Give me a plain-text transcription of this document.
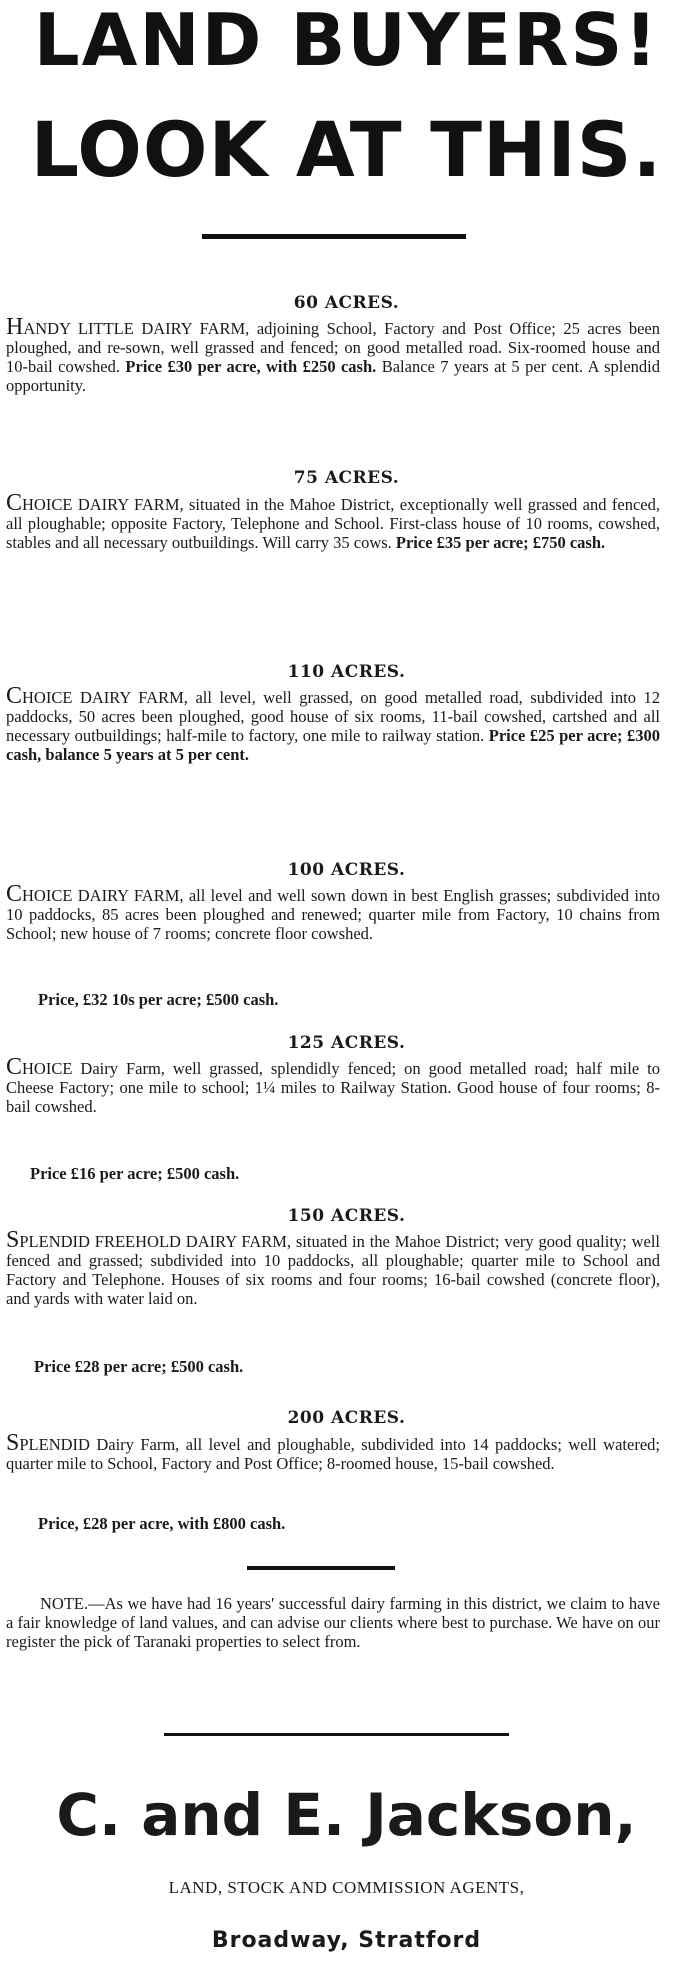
LAND BUYERS!
LOOK AT THIS.
60 ACRES.
HANDY LITTLE DAIRY FARM, adjoining School, Factory and Post Office; 25 acres been ploughed, and re-sown, well grassed and fenced; on good metalled road. Six-roomed house and 10-bail cowshed. Price £30 per acre, with £250 cash. Balance 7 years at 5 per cent. A splendid opportunity.
75 ACRES.
CHOICE DAIRY FARM, situated in the Mahoe District, exceptionally well grassed and fenced, all ploughable; opposite Factory, Telephone and School. First-class house of 10 rooms, cowshed, stables and all necessary outbuildings. Will carry 35 cows. Price £35 per acre; £750 cash.
110 ACRES.
CHOICE DAIRY FARM, all level, well grassed, on good metalled road, subdivided into 12 paddocks, 50 acres been ploughed, good house of six rooms, 11-bail cowshed, cartshed and all necessary outbuildings; half-mile to factory, one mile to railway station. Price £25 per acre; £300 cash, balance 5 years at 5 per cent.
100 ACRES.
CHOICE DAIRY FARM, all level and well sown down in best English grasses; subdivided into 10 paddocks, 85 acres been ploughed and renewed; quarter mile from Factory, 10 chains from School; new house of 7 rooms; concrete floor cowshed.
Price, £32 10s per acre; £500 cash.
125 ACRES.
CHOICE Dairy Farm, well grassed, splendidly fenced; on good metalled road; half mile to Cheese Factory; one mile to school; 1¼ miles to Railway Station. Good house of four rooms; 8-bail cowshed.
Price £16 per acre; £500 cash.
150 ACRES.
SPLENDID FREEHOLD DAIRY FARM, situated in the Mahoe District; very good quality; well fenced and grassed; subdivided into 10 paddocks, all ploughable; quarter mile to School and Factory and Telephone. Houses of six rooms and four rooms; 16-bail cowshed (concrete floor), and yards with water laid on.
Price £28 per acre; £500 cash.
200 ACRES.
SPLENDID Dairy Farm, all level and ploughable, subdivided into 14 paddocks; well watered; quarter mile to School, Factory and Post Office; 8-roomed house, 15-bail cowshed.
Price, £28 per acre, with £800 cash.
NOTE.—As we have had 16 years' successful dairy farming in this district, we claim to have a fair knowledge of land values, and can advise our clients where best to purchase. We have on our register the pick of Taranaki properties to select from.
C. and E. Jackson,
LAND, STOCK AND COMMISSION AGENTS,
Broadway, Stratford
